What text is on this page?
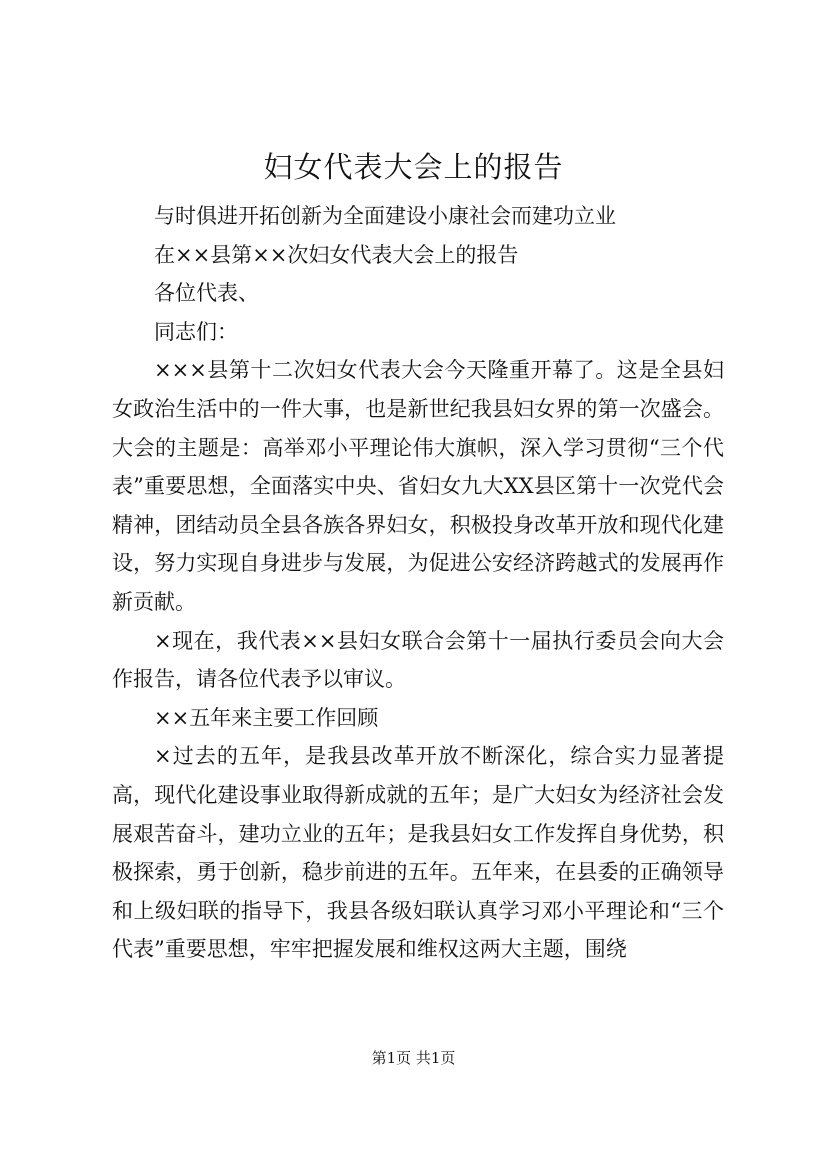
妇女代表大会上的报告

与时俱进开拓创新为全面建设小康社会而建功立业

在××县第××次妇女代表大会上的报告

各位代表、

同志们：

×××县第十二次妇女代表大会今天隆重开幕了。这是全县妇女政治生活中的一件大事，也是新世纪我县妇女界的第一次盛会。大会的主题是：高举邓小平理论伟大旗帜，深入学习贯彻“三个代表”重要思想，全面落实中央、省妇女九大XX县区第十一次党代会精神，团结动员全县各族各界妇女，积极投身改革开放和现代化建设，努力实现自身进步与发展，为促进公安经济跨越式的发展再作新贡献。

×现在，我代表××县妇女联合会第十一届执行委员会向大会作报告，请各位代表予以审议。

××五年来主要工作回顾

×过去的五年，是我县改革开放不断深化，综合实力显著提高，现代化建设事业取得新成就的五年；是广大妇女为经济社会发展艰苦奋斗，建功立业的五年；是我县妇女工作发挥自身优势，积极探索，勇于创新，稳步前进的五年。五年来，在县委的正确领导和上级妇联的指导下，我县各级妇联认真学习邓小平理论和“三个代表”重要思想，牢牢把握发展和维权这两大主题，围绕

第1页 共1页
